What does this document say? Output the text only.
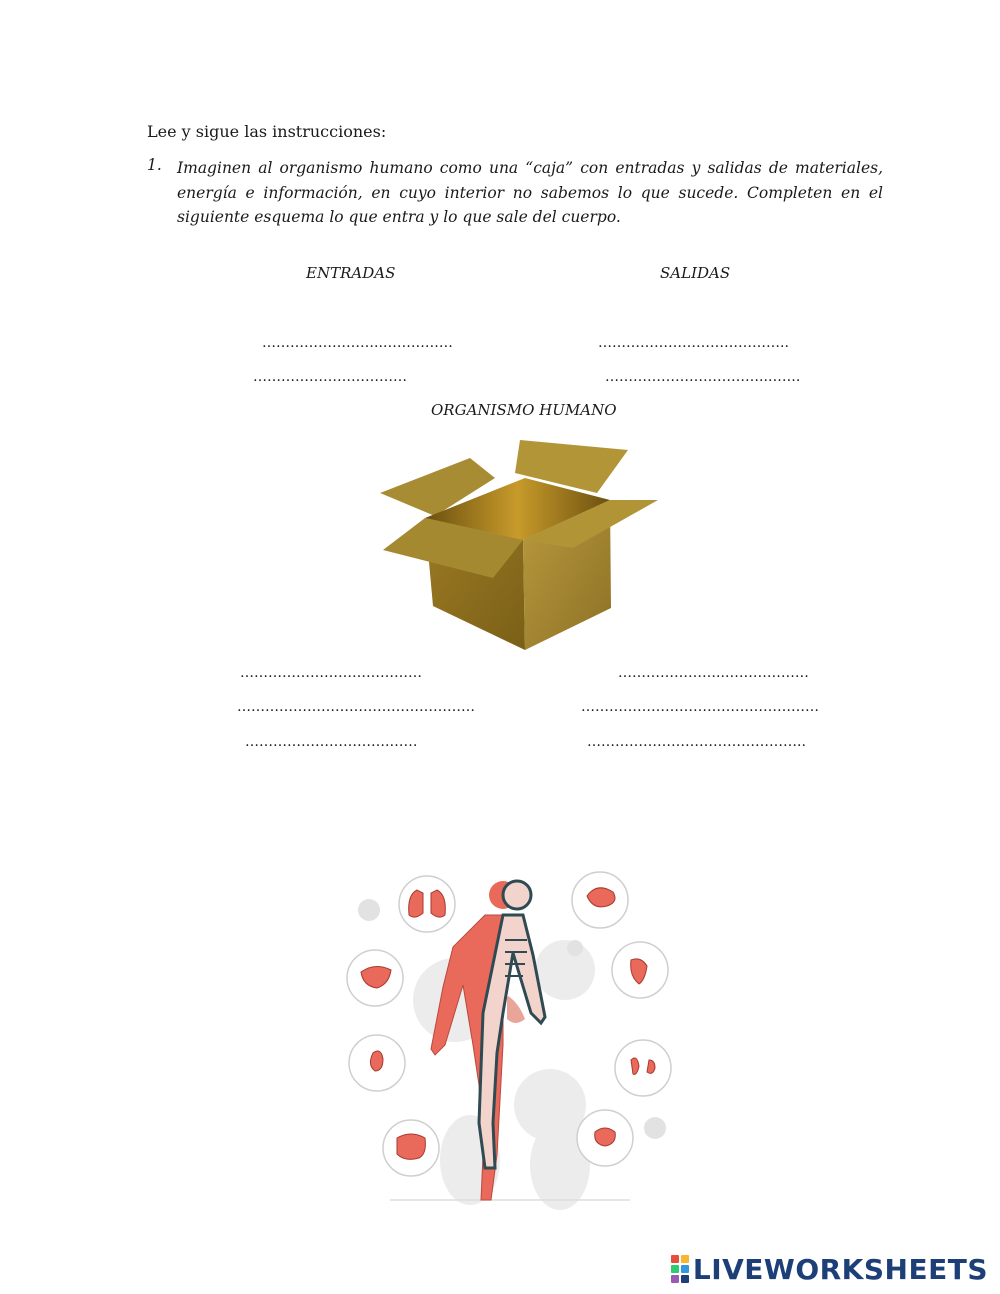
Lee y sigue las instrucciones:
1. Imaginen al organismo humano como una “caja” con entradas y salidas de materiales, energía e información, en cuyo interior no sabemos lo que sucede. Completen en el siguiente esquema lo que entra y lo que sale del cuerpo.
ENTRADAS	SALIDAS
……………………..……………
……………………………
…………………………………..
……………………………..…….
ORGANISMO HUMANO
…………………………………
……………………………………………
………………………….……
…………………..………………
……………………………………………
………………………………………..
LIVEWORKSHEETS
